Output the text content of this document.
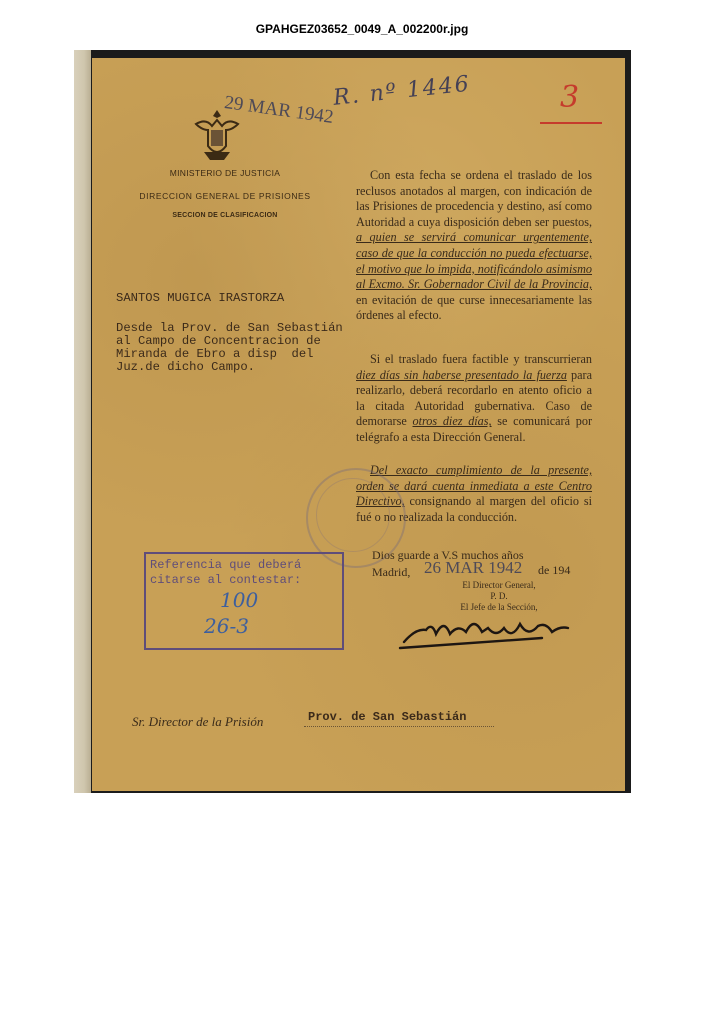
GPAHGEZ03652_0049_A_002200r.jpg
MINISTERIO DE JUSTICIA
DIRECCION GENERAL DE PRISIONES
SECCION DE CLASIFICACION
29 MAR 1942
R. nº 1446	3
SANTOS MUGICA IRASTORZA
Desde la Prov. de San Sebastián
al Campo de Concentracion de
Miranda de Ebro a disp  del
Juz.de dicho Campo.
Con esta fecha se ordena el traslado de los reclusos anotados al margen, con indicación de las Prisiones de procedencia y destino, así como Autoridad a cuya disposición deben ser puestos, a quien se servirá comunicar urgentemente, caso de que la conducción no pueda efectuarse, el motivo que lo impida, notificándolo asimismo al Excmo. Sr. Gobernador Civil de la Provincia, en evitación de que curse innecesariamente las órdenes al efecto.
Si el traslado fuera factible y transcurrieran diez días sin haberse presentado la fuerza para realizarlo, deberá recordarlo en atento oficio a la citada Autoridad gubernativa. Caso de demorarse otros diez días, se comunicará por telégrafo a esta Dirección General.
Del exacto cumplimiento de la presente, orden se dará cuenta inmediata a este Centro Directivo, consignando al margen del oficio si fué o no realizada la conducción.
Dios guarde a V.S muchos años
Madrid, 26 MAR 1942 de 194
El Director General,
P. D.
El Jefe de la Sección,
Referencia que deberá
citarse al contestar:
100
26-3
Sr. Director de la Prisión	Prov. de San Sebastián
